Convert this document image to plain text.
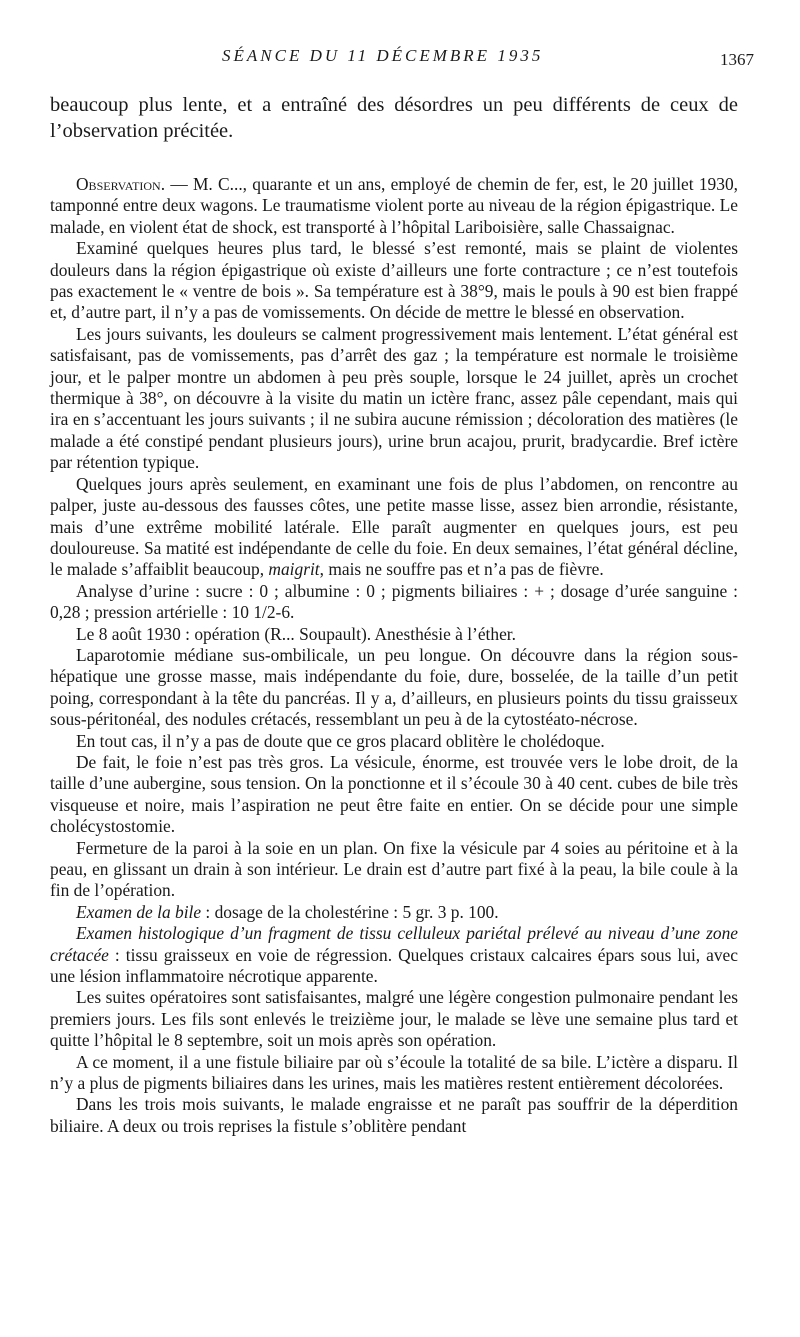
SÉANCE DU 11 DÉCEMBRE 1935	1367

beaucoup plus lente, et a entraîné des désordres un peu différents de ceux de l’observation précitée.

Observation. — M. C..., quarante et un ans, employé de chemin de fer, est, le 20 juillet 1930, tamponné entre deux wagons. Le traumatisme violent porte au niveau de la région épigastrique. Le malade, en violent état de shock, est transporté à l’hôpital Lariboisière, salle Chassaignac.

Examiné quelques heures plus tard, le blessé s’est remonté, mais se plaint de violentes douleurs dans la région épigastrique où existe d’ailleurs une forte contracture ; ce n’est toutefois pas exactement le « ventre de bois ». Sa température est à 38°9, mais le pouls à 90 est bien frappé et, d’autre part, il n’y a pas de vomissements. On décide de mettre le blessé en observation.

Les jours suivants, les douleurs se calment progressivement mais lentement. L’état général est satisfaisant, pas de vomissements, pas d’arrêt des gaz ; la température est normale le troisième jour, et le palper montre un abdomen à peu près souple, lorsque le 24 juillet, après un crochet thermique à 38°, on découvre à la visite du matin un ictère franc, assez pâle cependant, mais qui ira en s’accentuant les jours suivants ; il ne subira aucune rémission ; décoloration des matières (le malade a été constipé pendant plusieurs jours), urine brun acajou, prurit, bradycardie. Bref ictère par rétention typique.

Quelques jours après seulement, en examinant une fois de plus l’abdomen, on rencontre au palper, juste au-dessous des fausses côtes, une petite masse lisse, assez bien arrondie, résistante, mais d’une extrême mobilité latérale. Elle paraît augmenter en quelques jours, est peu douloureuse. Sa matité est indépendante de celle du foie. En deux semaines, l’état général décline, le malade s’affaiblit beaucoup, maigrit, mais ne souffre pas et n’a pas de fièvre.

Analyse d’urine : sucre : 0 ; albumine : 0 ; pigments biliaires : + ; dosage d’urée sanguine : 0,28 ; pression artérielle : 10 1/2-6.

Le 8 août 1930 : opération (R... Soupault). Anesthésie à l’éther.

Laparotomie médiane sus-ombilicale, un peu longue. On découvre dans la région sous-hépatique une grosse masse, mais indépendante du foie, dure, bosselée, de la taille d’un petit poing, correspondant à la tête du pancréas. Il y a, d’ailleurs, en plusieurs points du tissu graisseux sous-péritonéal, des nodules crétacés, ressemblant un peu à de la cytostéato-nécrose.

En tout cas, il n’y a pas de doute que ce gros placard oblitère le cholédoque.

De fait, le foie n’est pas très gros. La vésicule, énorme, est trouvée vers le lobe droit, de la taille d’une aubergine, sous tension. On la ponctionne et il s’écoule 30 à 40 cent. cubes de bile très visqueuse et noire, mais l’aspiration ne peut être faite en entier. On se décide pour une simple cholécystostomie.

Fermeture de la paroi à la soie en un plan. On fixe la vésicule par 4 soies au péritoine et à la peau, en glissant un drain à son intérieur. Le drain est d’autre part fixé à la peau, la bile coule à la fin de l’opération.

Examen de la bile : dosage de la cholestérine : 5 gr. 3 p. 100.

Examen histologique d’un fragment de tissu celluleux pariétal prélevé au niveau d’une zone crétacée : tissu graisseux en voie de régression. Quelques cristaux calcaires épars sous lui, avec une lésion inflammatoire nécrotique apparente.

Les suites opératoires sont satisfaisantes, malgré une légère congestion pulmonaire pendant les premiers jours. Les fils sont enlevés le treizième jour, le malade se lève une semaine plus tard et quitte l’hôpital le 8 septembre, soit un mois après son opération.

A ce moment, il a une fistule biliaire par où s’écoule la totalité de sa bile. L’ictère a disparu. Il n’y a plus de pigments biliaires dans les urines, mais les matières restent entièrement décolorées.

Dans les trois mois suivants, le malade engraisse et ne paraît pas souffrir de la déperdition biliaire. A deux ou trois reprises la fistule s’oblitère pendant
